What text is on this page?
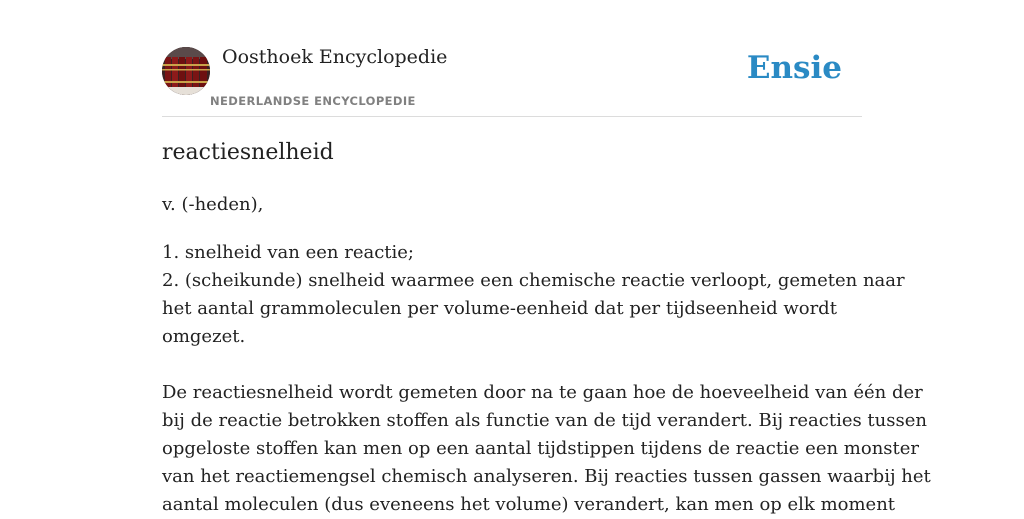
Oosthoek Encyclopedie
NEDERLANDSE ENCYCLOPEDIE
Ensie
reactiesnelheid
v. (-heden),
1. snelheid van een reactie;
2. (scheikunde) snelheid waarmee een chemische reactie verloopt, gemeten naar
het aantal grammoleculen per volume-eenheid dat per tijdseenheid wordt
omgezet.
De reactiesnelheid wordt gemeten door na te gaan hoe de hoeveelheid van één der
bij de reactie betrokken stoffen als functie van de tijd verandert. Bij reacties tussen
opgeloste stoffen kan men op een aantal tijdstippen tijdens de reactie een monster
van het reactiemengsel chemisch analyseren. Bij reacties tussen gassen waarbij het
aantal moleculen (dus eveneens het volume) verandert, kan men op elk moment
